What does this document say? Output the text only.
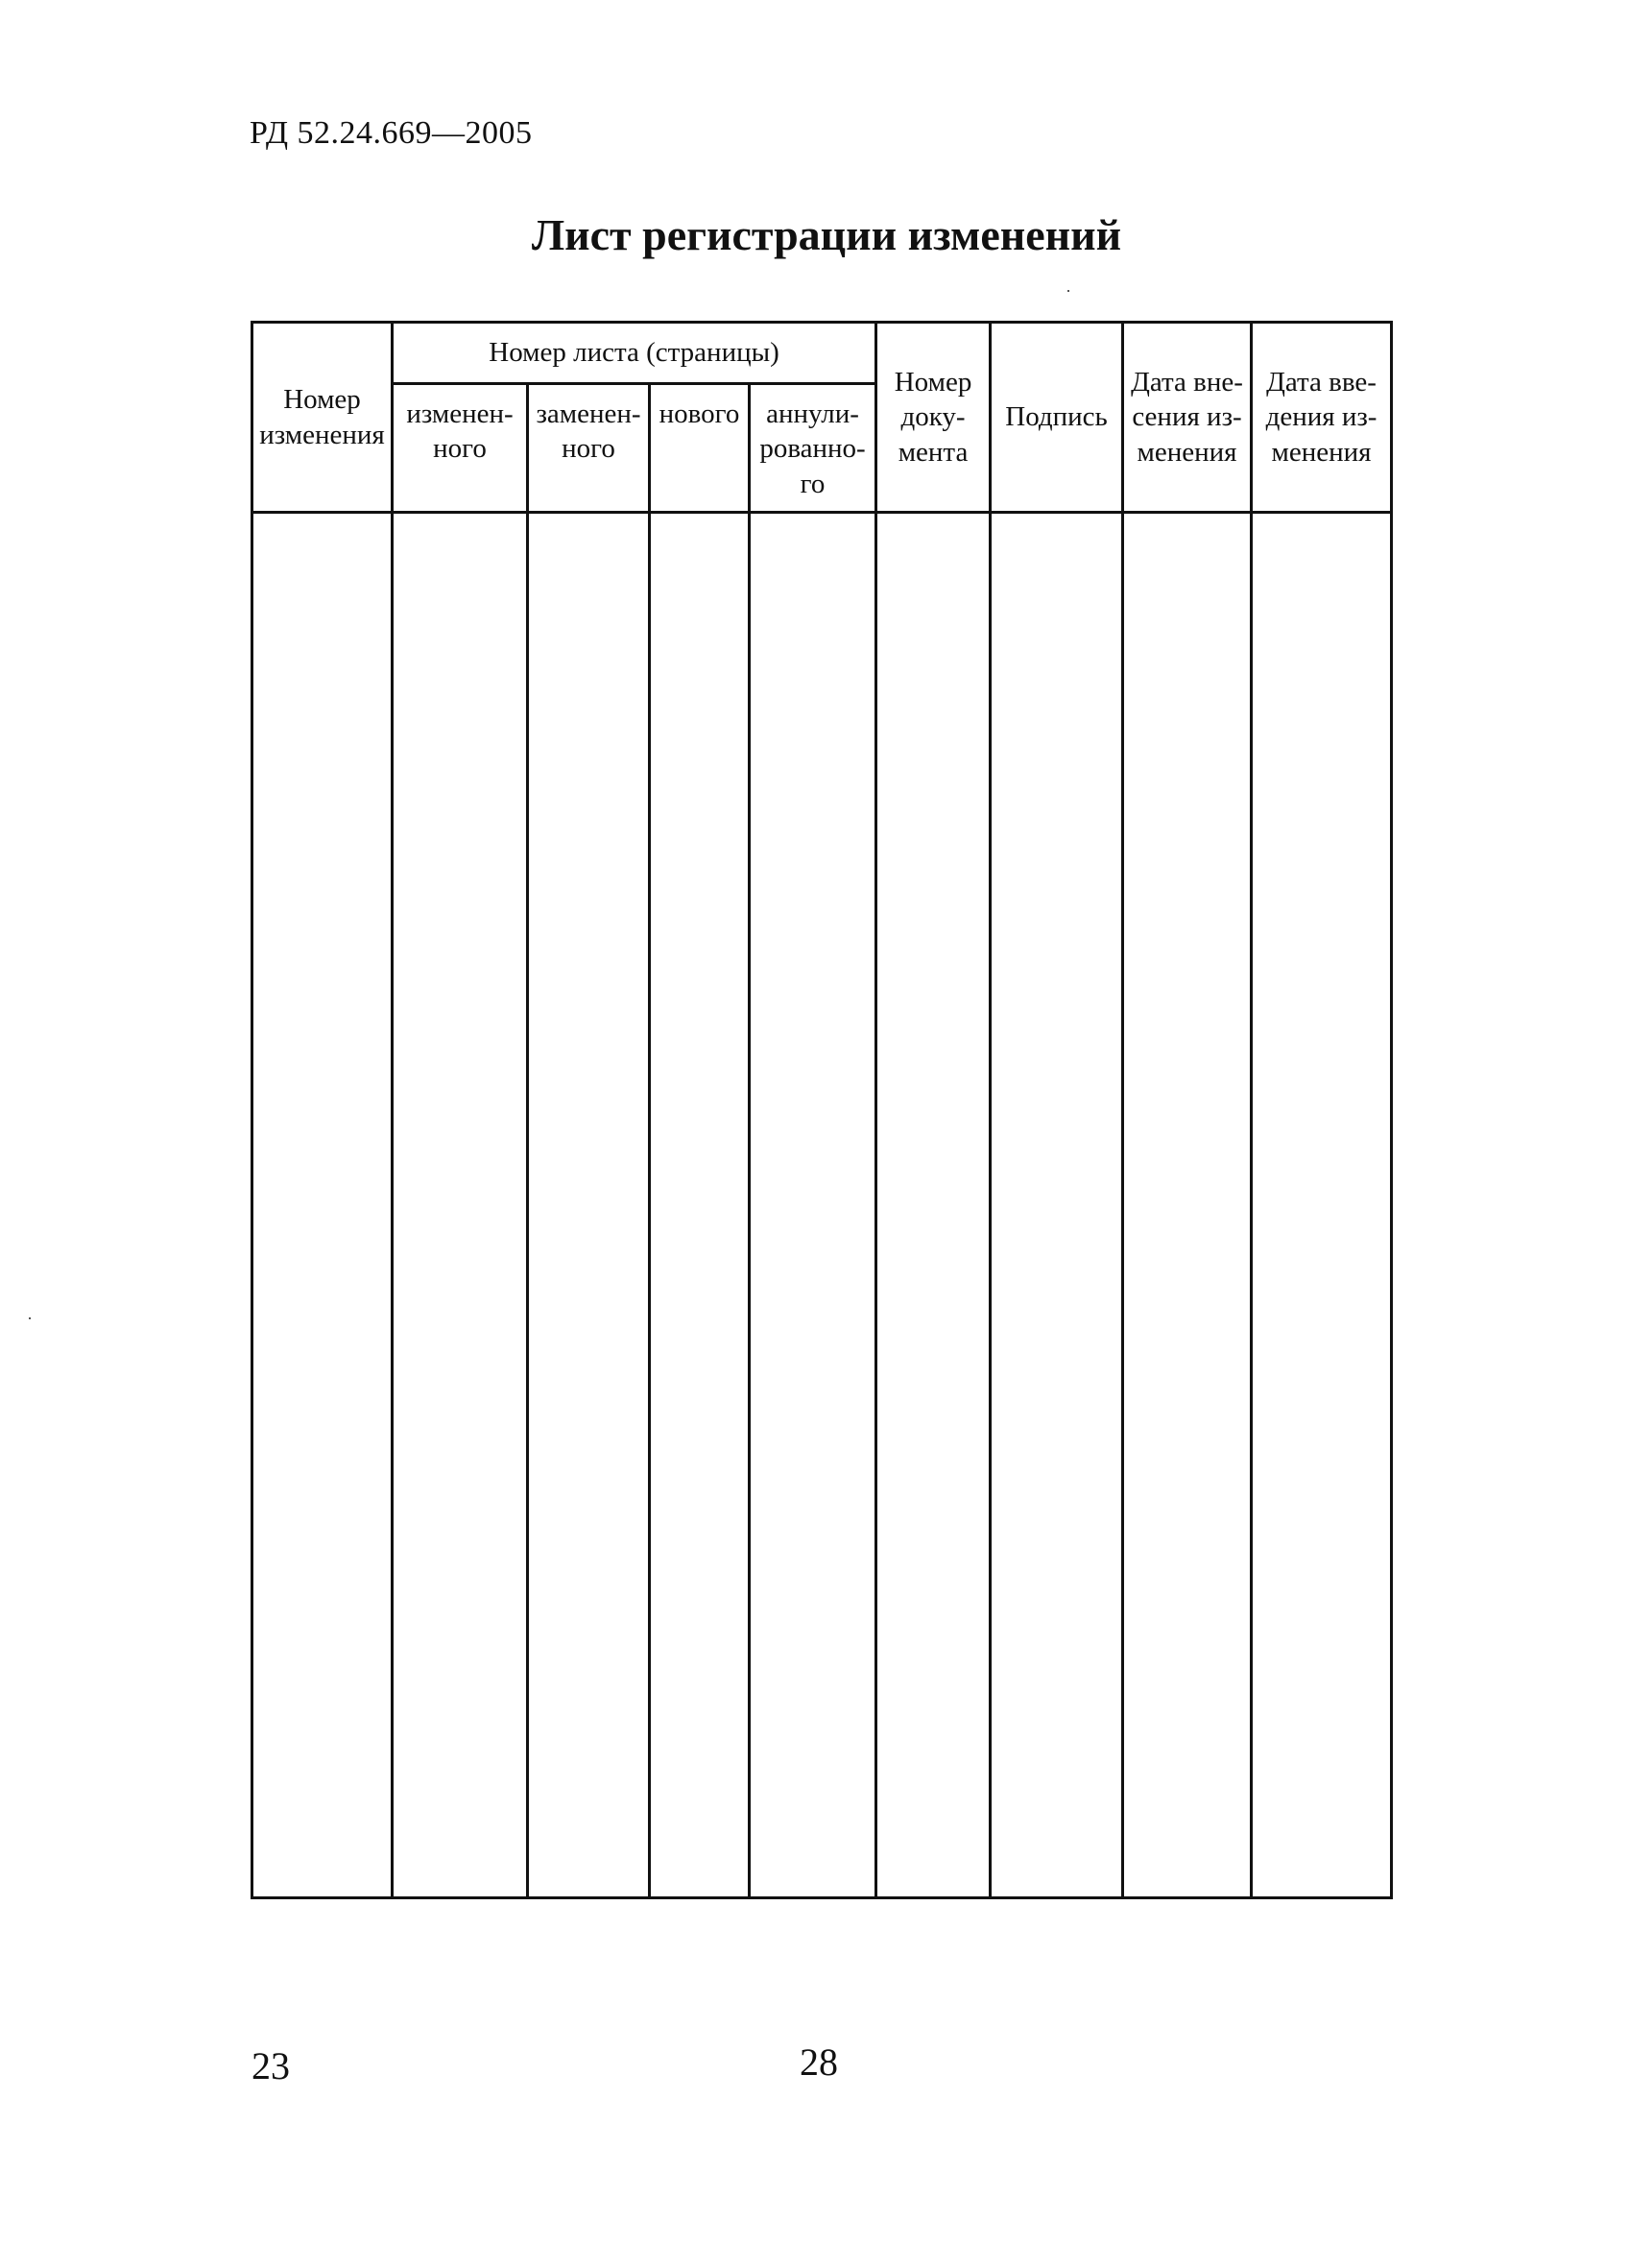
РД 52.24.669—2005
Лист регистрации изменений
Номер изменения	Номер листа (страницы)				Номер доку-мента	Подпись	Дата вне-сения из-менения	Дата вве-дения из-менения
	изменен-ного	заменен-ного	нового	аннули-рованно-го				

23	28
